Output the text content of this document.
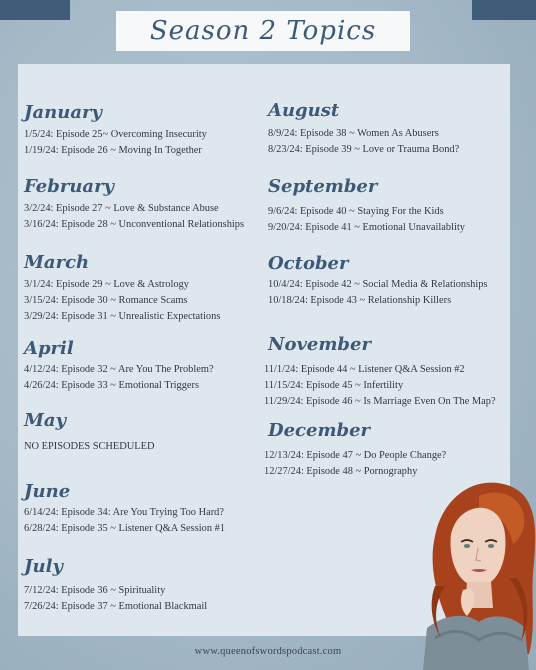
Season 2 Topics
January
1/5/24: Episode 25~ Overcoming Insecurity
1/19/24: Episode 26 ~ Moving In Together
February
3/2/24: Episode 27 ~ Love & Substance Abuse
3/16/24: Episode 28 ~ Unconventional Relationships
March
3/1/24: Episode 29 ~ Love & Astrology
3/15/24: Episode 30 ~ Romance Scams
3/29/24: Episode 31 ~ Unrealistic Expectations
April
4/12/24: Episode 32 ~ Are You The Problem?
4/26/24: Episode 33 ~ Emotional Triggers
May
NO EPISODES SCHEDULED
June
6/14/24: Episode 34: Are You Trying Too Hard?
6/28/24: Episode 35 ~ Listener Q&A Session #1
July
7/12/24: Episode 36 ~ Spirituality
7/26/24: Episode 37 ~ Emotional Blackmail
August
8/9/24: Episode 38 ~ Women As Abusers
8/23/24: Episode 39 ~ Love or Trauma Bond?
September
9/6/24: Episode 40 ~ Staying For the Kids
9/20/24: Episode 41 ~ Emotional Unavailablity
October
10/4/24: Episode 42 ~ Social Media & Relationships
10/18/24: Episode 43 ~ Relationship Killers
November
11/1/24: Episode 44 ~ Listener Q&A Session #2
11/15/24: Episode 45 ~ Infertility
11/29/24: Episode 46 ~ Is Marriage Even On The Map?
December
12/13/24: Episode 47 ~ Do People Change?
12/27/24: Episode 48 ~ Pornography
www.queenofswordspodcast.com
